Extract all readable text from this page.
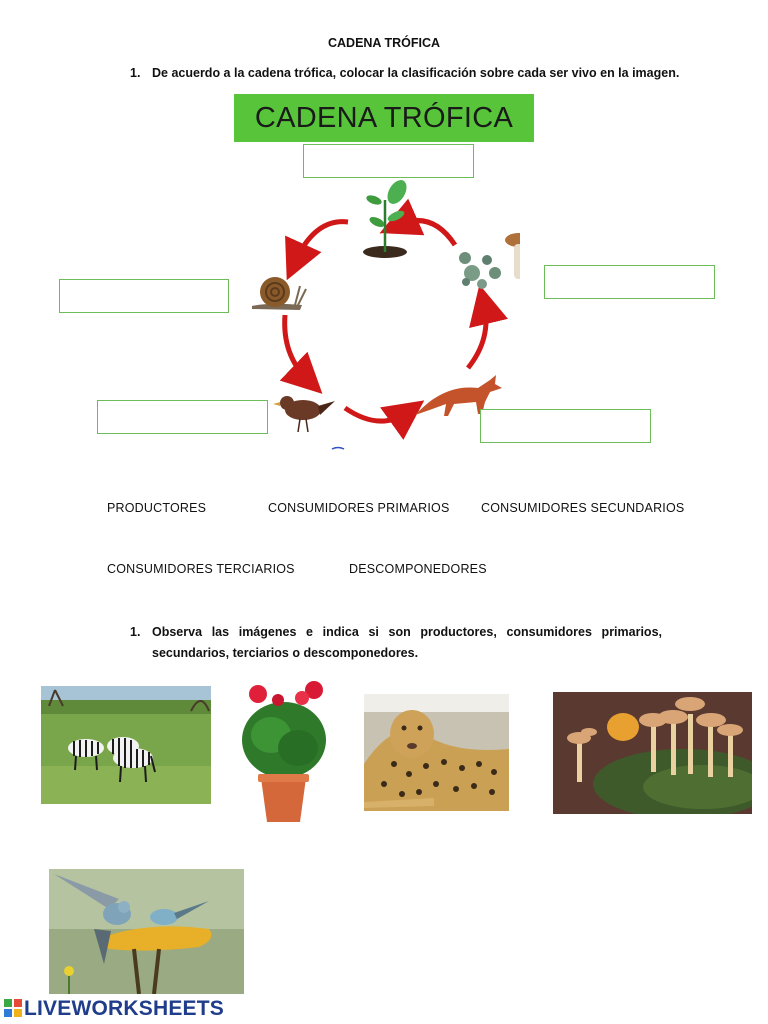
CADENA TRÓFICA
1. De acuerdo a la cadena trófica, colocar la clasificación sobre cada ser vivo en la imagen.
CADENA TRÓFICA
PRODUCTORES	CONSUMIDORES PRIMARIOS	CONSUMIDORES SECUNDARIOS
CONSUMIDORES TERCIARIOS	DESCOMPONEDORES
1. Observa las imágenes e indica si son productores, consumidores primarios,
secundarios, terciarios o descomponedores.
LIVEWORKSHEETS
